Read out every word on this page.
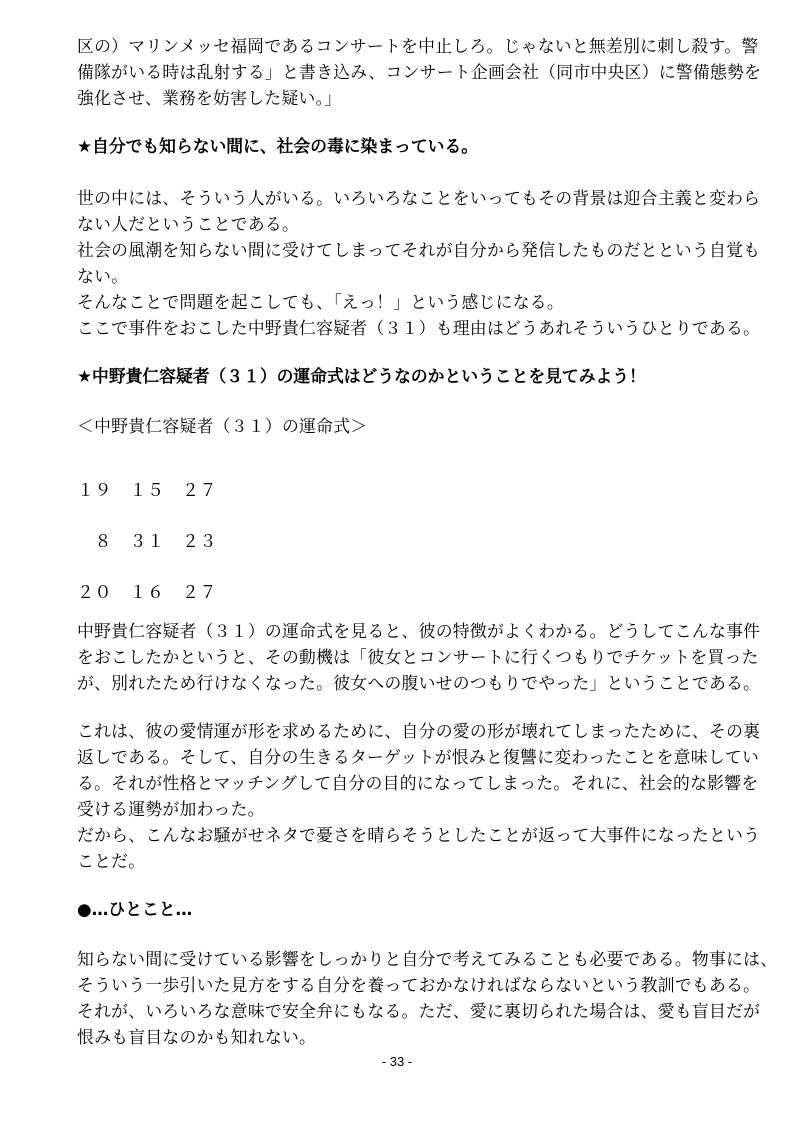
区の）マリンメッセ福岡であるコンサートを中止しろ。じゃないと無差別に刺し殺す。警
備隊がいる時は乱射する」と書き込み、コンサート企画会社（同市中央区）に警備態勢を
強化させ、業務を妨害した疑い。」
★自分でも知らない間に、社会の毒に染まっている。
世の中には、そういう人がいる。いろいろなことをいってもその背景は迎合主義と変わら
ない人だということである。
社会の風潮を知らない間に受けてしまってそれが自分から発信したものだとという自覚も
ない。
そんなことで問題を起こしても、「えっ！」という感じになる。
ここで事件をおこした中野貴仁容疑者（３１）も理由はどうあれそういうひとりである。
★中野貴仁容疑者（３１）の運命式はどうなのかということを見てみよう！

＜中野貴仁容疑者（３１）の運命式＞

１９　１５　２７
　８　３１　２３
２０　１６　２７
中野貴仁容疑者（３１）の運命式を見ると、彼の特徴がよくわかる。どうしてこんな事件
をおこしたかというと、その動機は「彼女とコンサートに行くつもりでチケットを買った
が、別れたため行けなくなった。彼女への腹いせのつもりでやった」ということである。
これは、彼の愛情運が形を求めるために、自分の愛の形が壊れてしまったために、その裏
返しである。そして、自分の生きるターゲットが恨みと復讐に変わったことを意味してい
る。それが性格とマッチングして自分の目的になってしまった。それに、社会的な影響を
受ける運勢が加わった。
だから、こんなお騒がせネタで憂さを晴らそうとしたことが返って大事件になったという
ことだ。
●…ひとこと…
知らない間に受けている影響をしっかりと自分で考えてみることも必要である。物事には、
そういう一歩引いた見方をする自分を養っておかなければならないという教訓でもある。
それが、いろいろな意味で安全弁にもなる。ただ、愛に裏切られた場合は、愛も盲目だが
恨みも盲目なのかも知れない。
- 33 -
